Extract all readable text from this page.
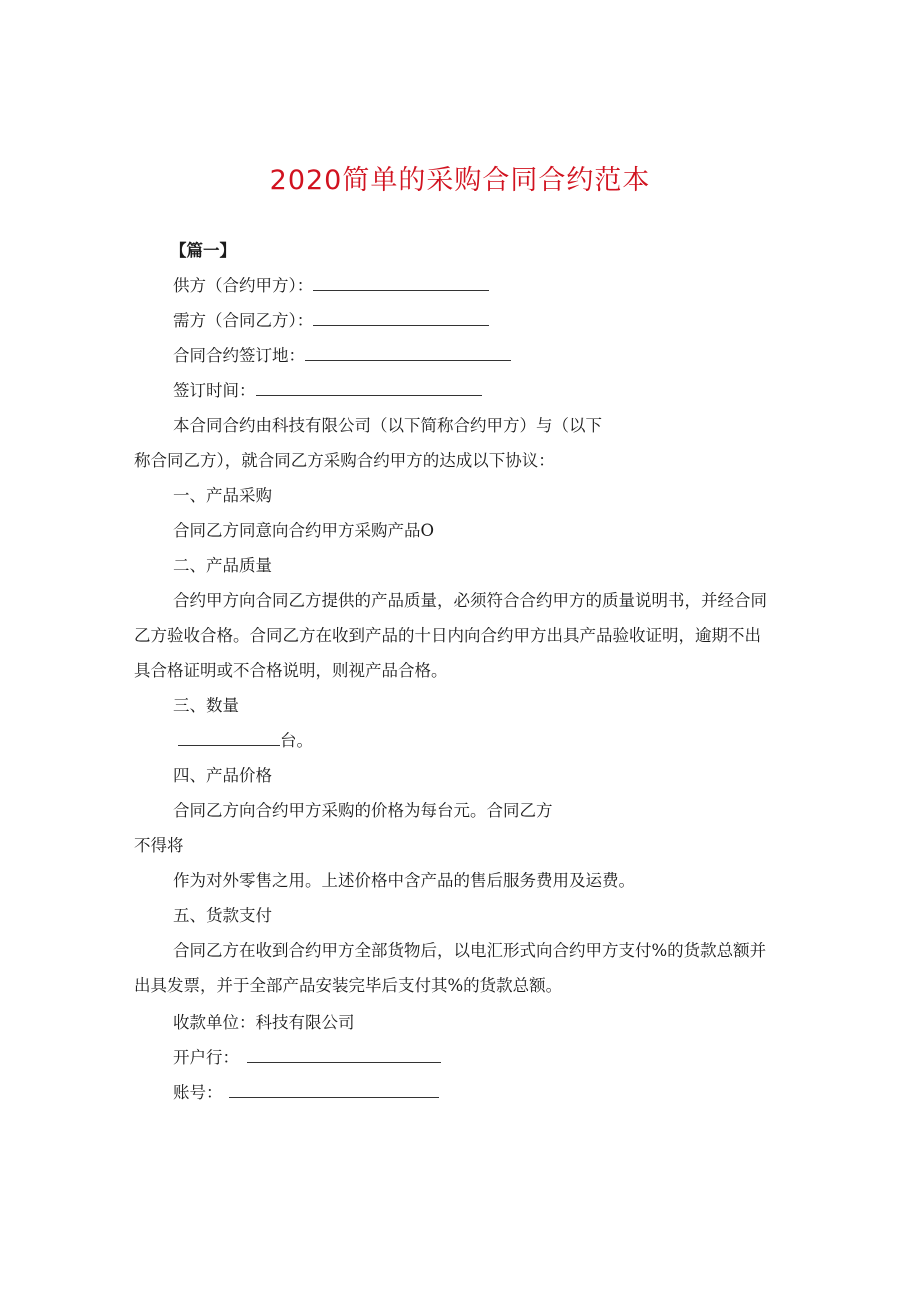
2020简单的采购合同合约范本
【篇一】
供方（合约甲方）：
需方（合同乙方）：
合同合约签订地：
签订时间：
本合同合约由科技有限公司（以下简称合约甲方）与（以下
称合同乙方），就合同乙方采购合约甲方的达成以下协议：
一、产品采购
合同乙方同意向合约甲方采购产品O
二、产品质量
合约甲方向合同乙方提供的产品质量，必须符合合约甲方的质量说明书，并经合同
乙方验收合格。合同乙方在收到产品的十日内向合约甲方出具产品验收证明，逾期不出
具合格证明或不合格说明，则视产品合格。
三、数量
台。
四、产品价格
合同乙方向合约甲方采购的价格为每台元。合同乙方
不得将
作为对外零售之用。上述价格中含产品的售后服务费用及运费。
五、货款支付
合同乙方在收到合约甲方全部货物后，以电汇形式向合约甲方支付%的货款总额并
出具发票，并于全部产品安装完毕后支付其%的货款总额。
收款单位：科技有限公司
开户行：
账号：
